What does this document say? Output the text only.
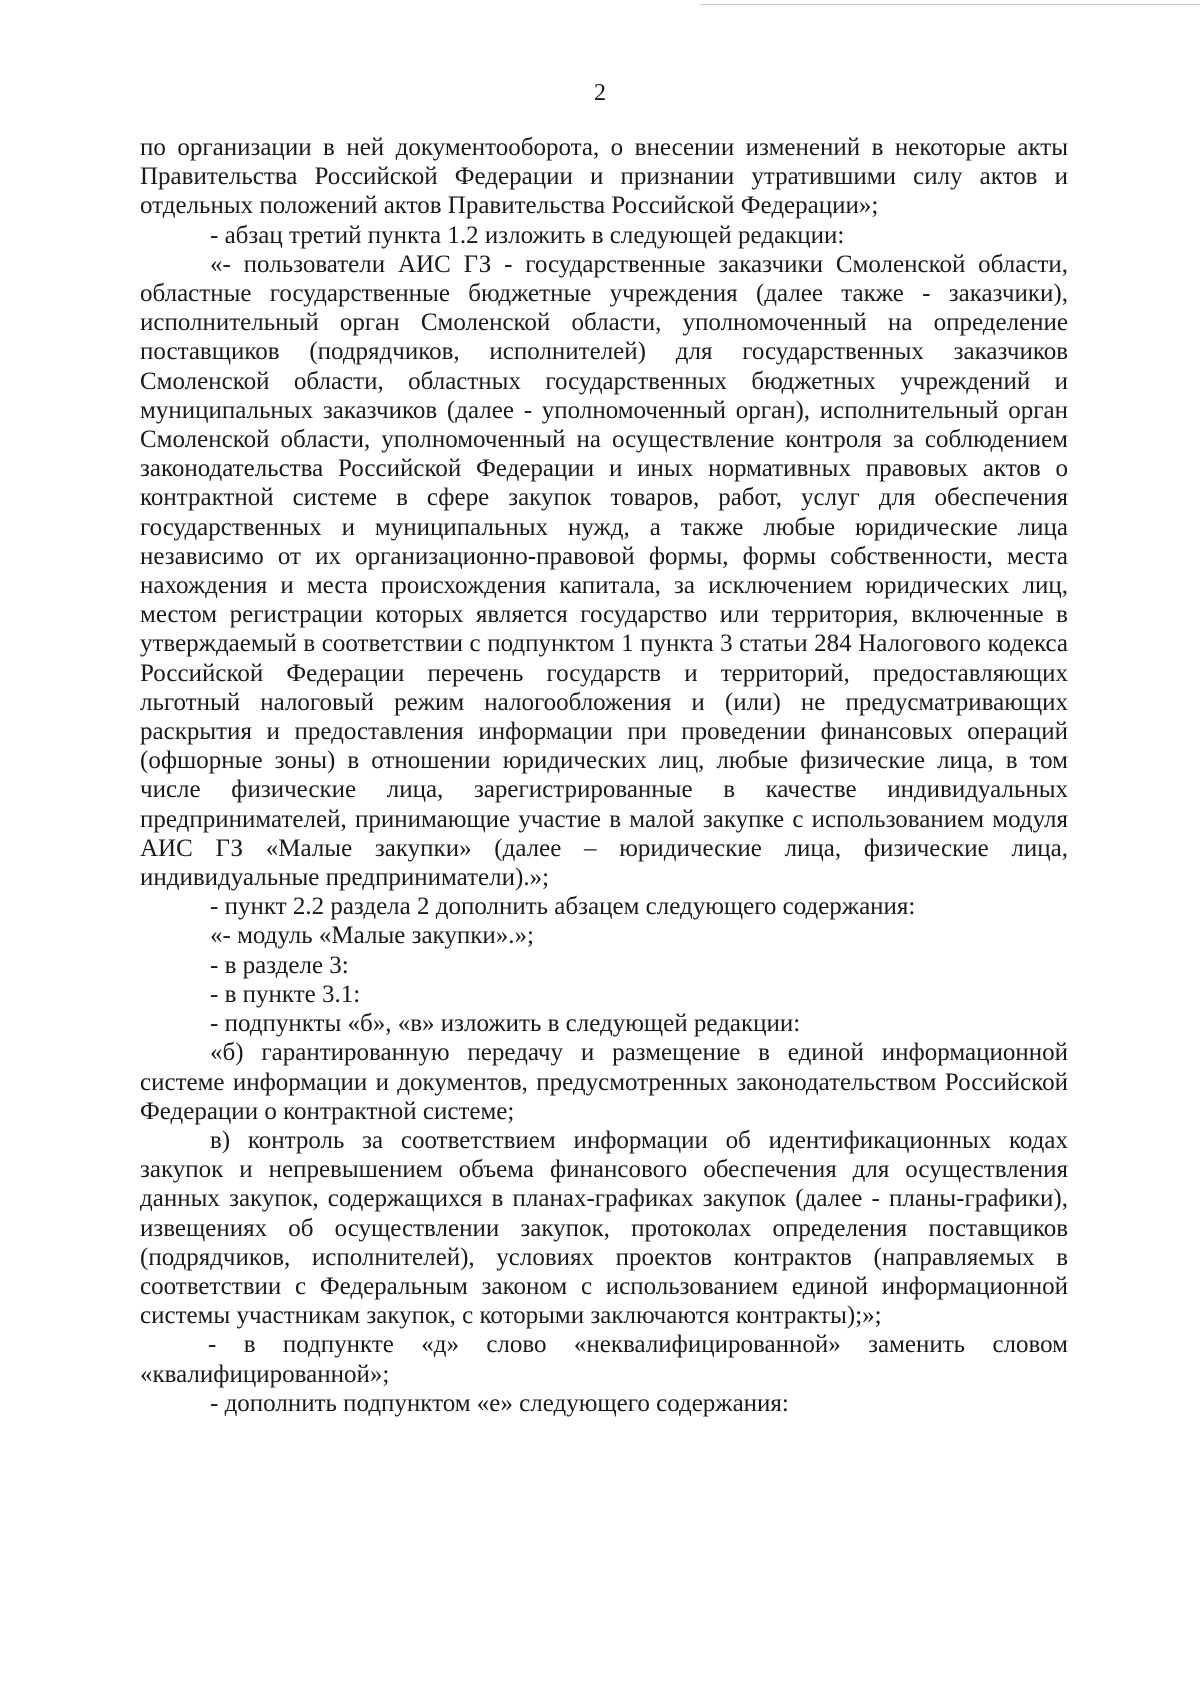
2

по организации в ней документооборота, о внесении изменений в некоторые акты Правительства Российской Федерации и признании утратившими силу актов и отдельных положений актов Правительства Российской Федерации»;

- абзац третий пункта 1.2 изложить в следующей редакции:

«- пользователи АИС ГЗ - государственные заказчики Смоленской области, областные государственные бюджетные учреждения (далее также - заказчики), исполнительный орган Смоленской области, уполномоченный на определение поставщиков (подрядчиков, исполнителей) для государственных заказчиков Смоленской области, областных государственных бюджетных учреждений и муниципальных заказчиков (далее - уполномоченный орган), исполнительный орган Смоленской области, уполномоченный на осуществление контроля за соблюдением законодательства Российской Федерации и иных нормативных правовых актов о контрактной системе в сфере закупок товаров, работ, услуг для обеспечения государственных и муниципальных нужд, а также любые юридические лица независимо от их организационно-правовой формы, формы собственности, места нахождения и места происхождения капитала, за исключением юридических лиц, местом регистрации которых является государство или территория, включенные в утверждаемый в соответствии с подпунктом 1 пункта 3 статьи 284 Налогового кодекса Российской Федерации перечень государств и территорий, предоставляющих льготный налоговый режим налогообложения и (или) не предусматривающих раскрытия и предоставления информации при проведении финансовых операций (офшорные зоны) в отношении юридических лиц, любые физические лица, в том числе физические лица, зарегистрированные в качестве индивидуальных предпринимателей, принимающие участие в малой закупке с использованием модуля АИС ГЗ «Малые закупки» (далее – юридические лица, физические лица, индивидуальные предприниматели).»;

- пункт 2.2 раздела 2 дополнить абзацем следующего содержания:

«- модуль «Малые закупки».»;

- в разделе 3:

- в пункте 3.1:

- подпункты «б», «в» изложить в следующей редакции:

«б) гарантированную передачу и размещение в единой информационной системе информации и документов, предусмотренных законодательством Российской Федерации о контрактной системе;

в) контроль за соответствием информации об идентификационных кодах закупок и непревышением объема финансового обеспечения для осуществления данных закупок, содержащихся в планах-графиках закупок (далее - планы-графики), извещениях об осуществлении закупок, протоколах определения поставщиков (подрядчиков, исполнителей), условиях проектов контрактов (направляемых в соответствии с Федеральным законом с использованием единой информационной системы участникам закупок, с которыми заключаются контракты);»;

- в подпункте «д» слово «неквалифицированной» заменить словом «квалифицированной»;

- дополнить подпунктом «е» следующего содержания:
